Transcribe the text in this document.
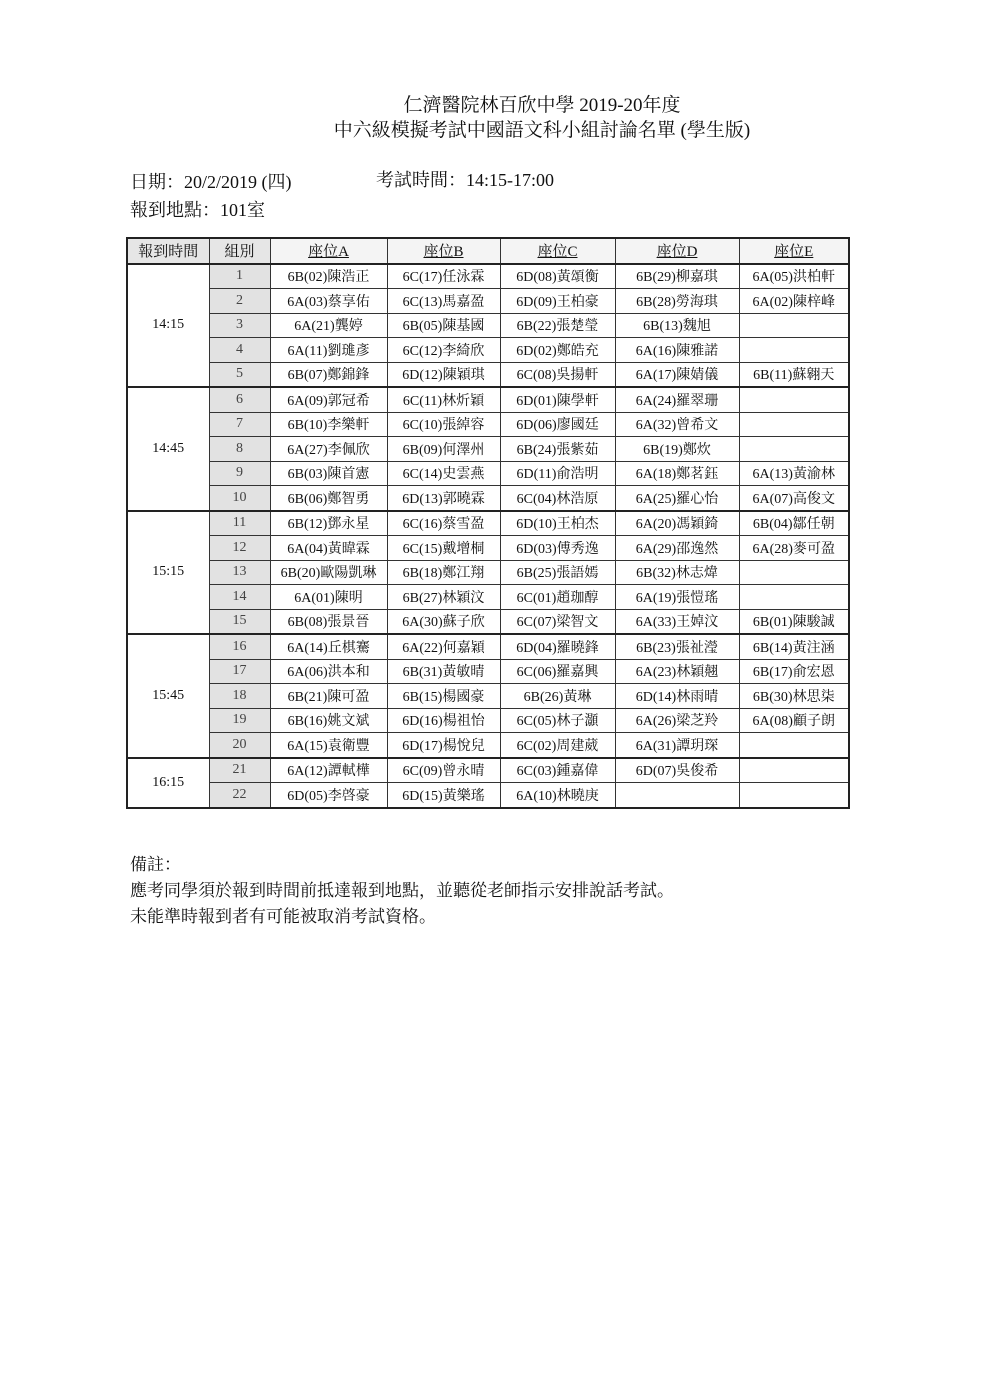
仁濟醫院林百欣中學 2019-20年度
中六級模擬考試中國語文科小組討論名單 (學生版)
日期：20/2/2019 (四)	考試時間：14:15-17:00
報到地點：101室
報到時間	組別	座位A	座位B	座位C	座位D	座位E
14:15	1	6B(02)陳浩正	6C(17)任泳霖	6D(08)黃頌衡	6B(29)柳嘉琪	6A(05)洪柏軒
	2	6A(03)蔡享佑	6C(13)馬嘉盈	6D(09)王柏豪	6B(28)勞海琪	6A(02)陳梓峰
	3	6A(21)龔婷	6B(05)陳基國	6B(22)張楚瑩	6B(13)魏旭	
	4	6A(11)劉璡彥	6C(12)李綺欣	6D(02)鄭皓充	6A(16)陳雅諾	
	5	6B(07)鄭錦鋒	6D(12)陳穎琪	6C(08)吳揚軒	6A(17)陳婧儀	6B(11)蘇翱天
14:45	6	6A(09)郭冠希	6C(11)林炘穎	6D(01)陳學軒	6A(24)羅翠珊	
	7	6B(10)李樂軒	6C(10)張綽容	6D(06)廖國廷	6A(32)曾希文	
	8	6A(27)李佩欣	6B(09)何澤州	6B(24)張紫茹	6B(19)鄭炊	
	9	6B(03)陳首憲	6C(14)史雲燕	6D(11)俞浩明	6A(18)鄭茗鈺	6A(13)黃渝林
	10	6B(06)鄭智勇	6D(13)郭曉霖	6C(04)林浩原	6A(25)羅心怡	6A(07)高俊文
15:15	11	6B(12)鄧永星	6C(16)蔡雪盈	6D(10)王柏杰	6A(20)馮穎錡	6B(04)鄒任朝
	12	6A(04)黃暐霖	6C(15)戴增桐	6D(03)傅秀逸	6A(29)邵逸然	6A(28)麥可盈
	13	6B(20)歐陽凱琳	6B(18)鄭江翔	6B(25)張語嫣	6B(32)林志煒	
	14	6A(01)陳明	6B(27)林穎汶	6C(01)趙珈醇	6A(19)張愷瑤	
	15	6B(08)張景晉	6A(30)蘇子欣	6C(07)梁智文	6A(33)王婥汶	6B(01)陳駿誠
15:45	16	6A(14)丘棋騫	6A(22)何嘉穎	6D(04)羅曉鋒	6B(23)張祉瀅	6B(14)黃注涵
	17	6A(06)洪本和	6B(31)黃敏晴	6C(06)羅嘉興	6A(23)林穎翹	6B(17)俞宏恩
	18	6B(21)陳可盈	6B(15)楊國豪	6B(26)黃琳	6D(14)林雨晴	6B(30)林思柒
	19	6B(16)姚文斌	6D(16)楊祖怡	6C(05)林子灝	6A(26)梁芝羚	6A(08)顧子朗
	20	6A(15)袁衛豐	6D(17)楊悅兒	6C(02)周建葳	6A(31)譚玥琛	
16:15	21	6A(12)譚軾樺	6C(09)曾永晴	6C(03)鍾嘉偉	6D(07)吳俊希	
	22	6D(05)李啓豪	6D(15)黃樂瑤	6A(10)林曉庚		
備註：
應考同學須於報到時間前抵達報到地點，並聽從老師指示安排說話考試。
未能準時報到者有可能被取消考試資格。
